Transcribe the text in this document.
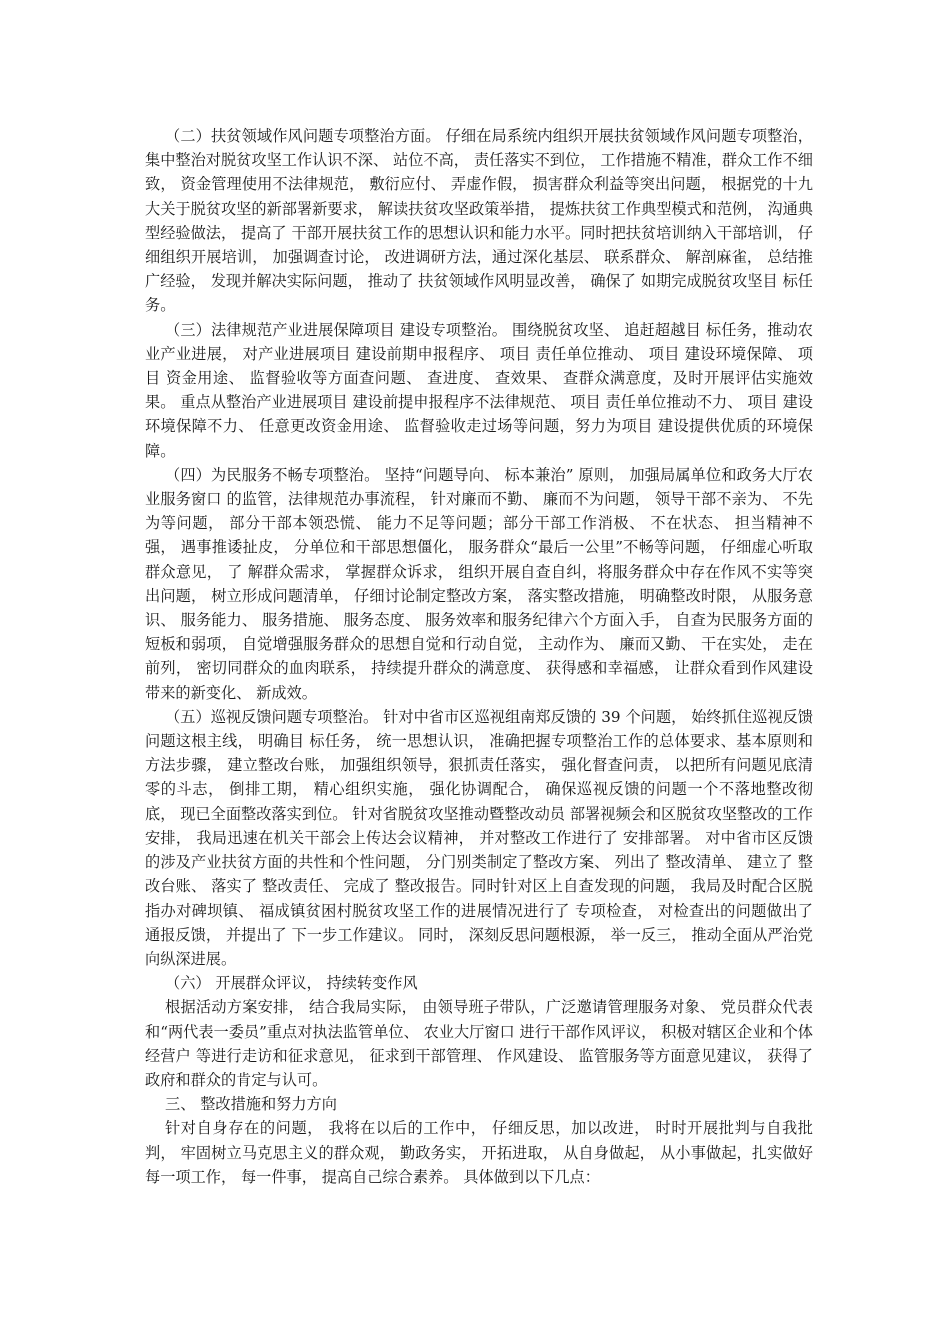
（二）扶贫领域作风问题专项整治方面。 仔细在局系统内组织开展扶贫领域作风问题专项整治， 集中整治对脱贫攻坚工作认识不深、 站位不高， 责任落实不到位， 工作措施不精准，群众工作不细致， 资金管理使用不法律规范， 敷衍应付、 弄虚作假， 损害群众利益等突出问题， 根据党的十九大关于脱贫攻坚的新部署新要求， 解读扶贫攻坚政策举措， 提炼扶贫工作典型模式和范例， 沟通典型经验做法， 提高了 干部开展扶贫工作的思想认识和能力水平。同时把扶贫培训纳入干部培训， 仔细组织开展培训， 加强调查讨论， 改进调研方法，通过深化基层、 联系群众、 解剖麻雀， 总结推广经验， 发现并解决实际问题， 推动了 扶贫领域作风明显改善， 确保了 如期完成脱贫攻坚目 标任务。

（三）法律规范产业进展保障项目 建设专项整治。 围绕脱贫攻坚、 追赶超越目 标任务，推动农业产业进展， 对产业进展项目 建设前期申报程序、 项目 责任单位推动、 项目 建设环境保障、 项目 资金用途、 监督验收等方面查问题、 查进度、 查效果、 查群众满意度，及时开展评估实施效果。 重点从整治产业进展项目 建设前提申报程序不法律规范、 项目 责任单位推动不力、 项目 建设环境保障不力、 任意更改资金用途、 监督验收走过场等问题，努力为项目 建设提供优质的环境保障。

（四）为民服务不畅专项整治。 坚持“问题导向、 标本兼治” 原则， 加强局属单位和政务大厅农业服务窗口 的监管，法律规范办事流程， 针对廉而不勤、 廉而不为问题， 领导干部不亲为、 不先为等问题， 部分干部本领恐慌、 能力不足等问题；部分干部工作消极、 不在状态、 担当精神不强， 遇事推诿扯皮， 分单位和干部思想僵化， 服务群众“最后一公里”不畅等问题， 仔细虚心听取群众意见， 了 解群众需求， 掌握群众诉求， 组织开展自查自纠，将服务群众中存在作风不实等突出问题， 树立形成问题清单， 仔细讨论制定整改方案， 落实整改措施， 明确整改时限， 从服务意识、 服务能力、 服务措施、 服务态度、 服务效率和服务纪律六个方面入手， 自查为民服务方面的短板和弱项， 自觉增强服务群众的思想自觉和行动自觉， 主动作为、 廉而又勤、 干在实处， 走在前列， 密切同群众的血肉联系， 持续提升群众的满意度、 获得感和幸福感， 让群众看到作风建设带来的新变化、 新成效。

（五）巡视反馈问题专项整治。 针对中省市区巡视组南郑反馈的 39 个问题， 始终抓住巡视反馈问题这根主线， 明确目 标任务， 统一思想认识， 准确把握专项整治工作的总体要求、基本原则和方法步骤， 建立整改台账， 加强组织领导，狠抓责任落实， 强化督查问责， 以把所有问题见底清零的斗志， 倒排工期， 精心组织实施， 强化协调配合， 确保巡视反馈的问题一个不落地整改彻底， 现已全面整改落实到位。 针对省脱贫攻坚推动暨整改动员 部署视频会和区脱贫攻坚整改的工作安排， 我局迅速在机关干部会上传达会议精神， 并对整改工作进行了 安排部署。 对中省市区反馈的涉及产业扶贫方面的共性和个性问题， 分门别类制定了整改方案、 列出了 整改清单、 建立了 整改台账、 落实了 整改责任、 完成了 整改报告。同时针对区上自查发现的问题， 我局及时配合区脱指办对碑坝镇、 福成镇贫困村脱贫攻坚工作的进展情况进行了 专项检查， 对检查出的问题做出了 通报反馈， 并提出了 下一步工作建议。 同时， 深刻反思问题根源， 举一反三， 推动全面从严治党向纵深进展。

（六） 开展群众评议， 持续转变作风

根据活动方案安排， 结合我局实际， 由领导班子带队，广泛邀请管理服务对象、 党员群众代表和“两代表一委员”重点对执法监管单位、 农业大厅窗口 进行干部作风评议， 积极对辖区企业和个体经营户 等进行走访和征求意见， 征求到干部管理、 作风建设、 监管服务等方面意见建议， 获得了 政府和群众的肯定与认可。

三、 整改措施和努力方向

针对自身存在的问题， 我将在以后的工作中， 仔细反思，加以改进， 时时开展批判与自我批判， 牢固树立马克思主义的群众观， 勤政务实， 开拓进取， 从自身做起， 从小事做起，扎实做好每一项工作， 每一件事， 提高自己综合素养。 具体做到以下几点：
